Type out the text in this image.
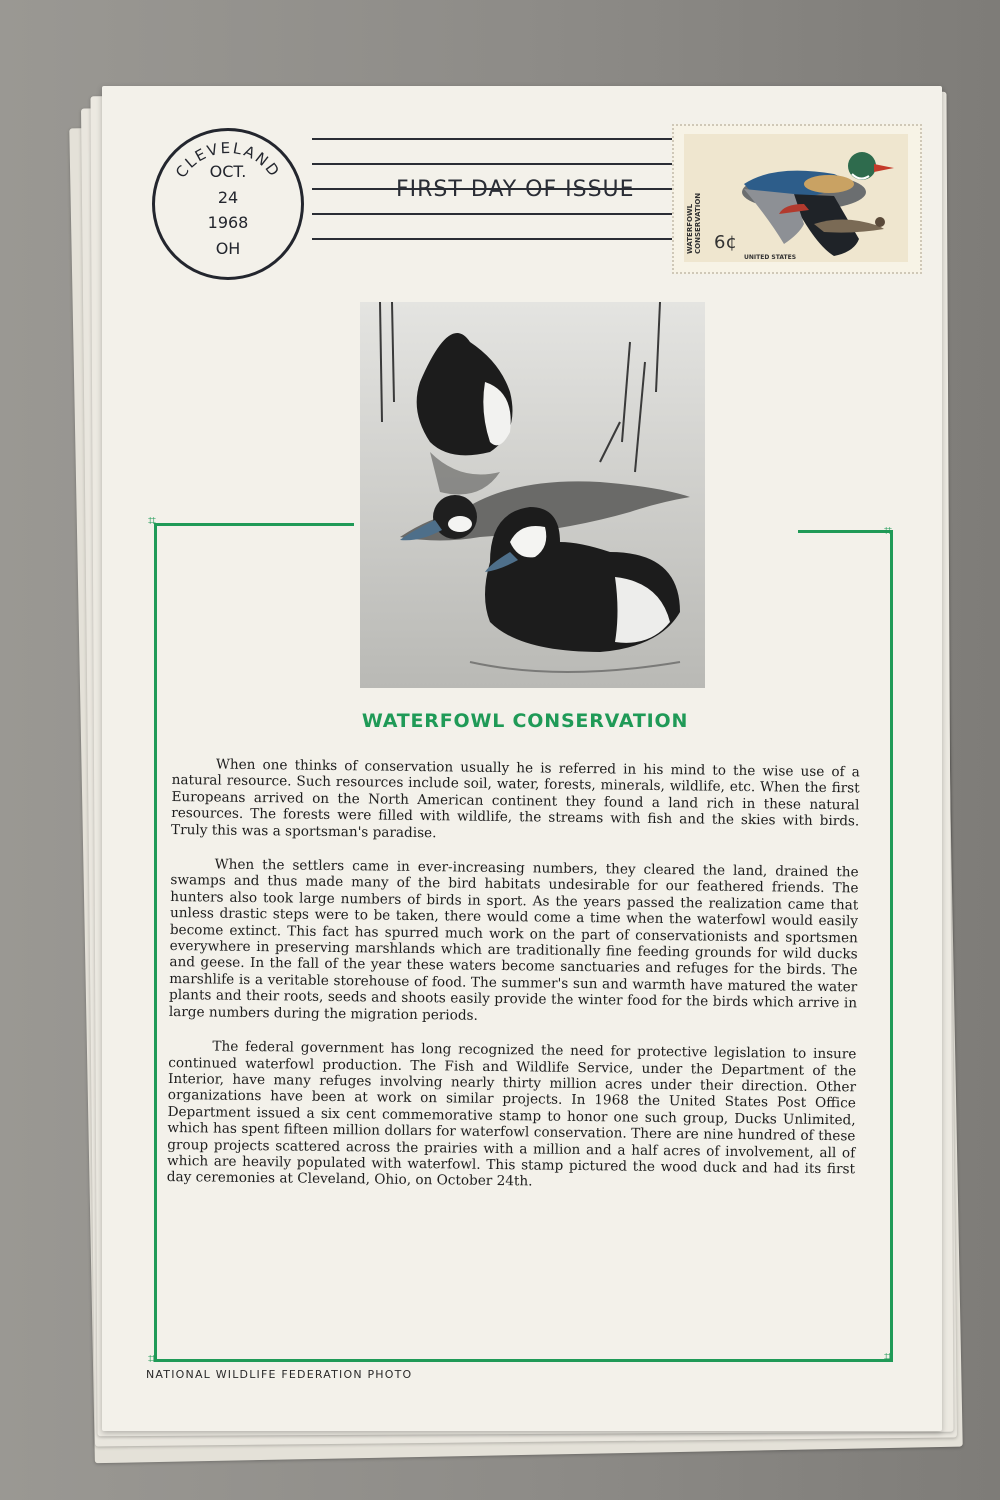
CLEVELAND
OCT.
24
1968
OH
FIRST DAY OF ISSUE
WATERFOWL CONSERVATION 6¢
UNITED STATES
⌗
⌗
⌗	⌗
WATERFOWL CONSERVATION

When one thinks of conservation usually he is referred in his mind to the wise use of a natural resource. Such resources include soil, water, forests, minerals, wildlife, etc. When the first Europeans arrived on the North American continent they found a land rich in these natural resources. The forests were filled with wildlife, the streams with fish and the skies with birds. Truly this was a sportsman's paradise.

When the settlers came in ever-increasing numbers, they cleared the land, drained the swamps and thus made many of the bird habitats undesirable for our feathered friends. The hunters also took large numbers of birds in sport. As the years passed the realization came that unless drastic steps were to be taken, there would come a time when the waterfowl would easily become extinct. This fact has spurred much work on the part of conservationists and sportsmen everywhere in preserving marshlands which are traditionally fine feeding grounds for wild ducks and geese. In the fall of the year these waters become sanctuaries and refuges for the birds. The marshlife is a veritable storehouse of food. The summer's sun and warmth have matured the water plants and their roots, seeds and shoots easily provide the winter food for the birds which arrive in large numbers during the migration periods.

The federal government has long recognized the need for protective legislation to insure continued waterfowl production. The Fish and Wildlife Service, under the Department of the Interior, have many refuges involving nearly thirty million acres under their direction. Other organizations have been at work on similar projects. In 1968 the United States Post Office Department issued a six cent commemorative stamp to honor one such group, Ducks Unlimited, which has spent fifteen million dollars for waterfowl conservation. There are nine hundred of these group projects scattered across the prairies with a million and a half acres of involvement, all of which are heavily populated with waterfowl. This stamp pictured the wood duck and had its first day ceremonies at Cleveland, Ohio, on October 24th.

NATIONAL WILDLIFE FEDERATION PHOTO
